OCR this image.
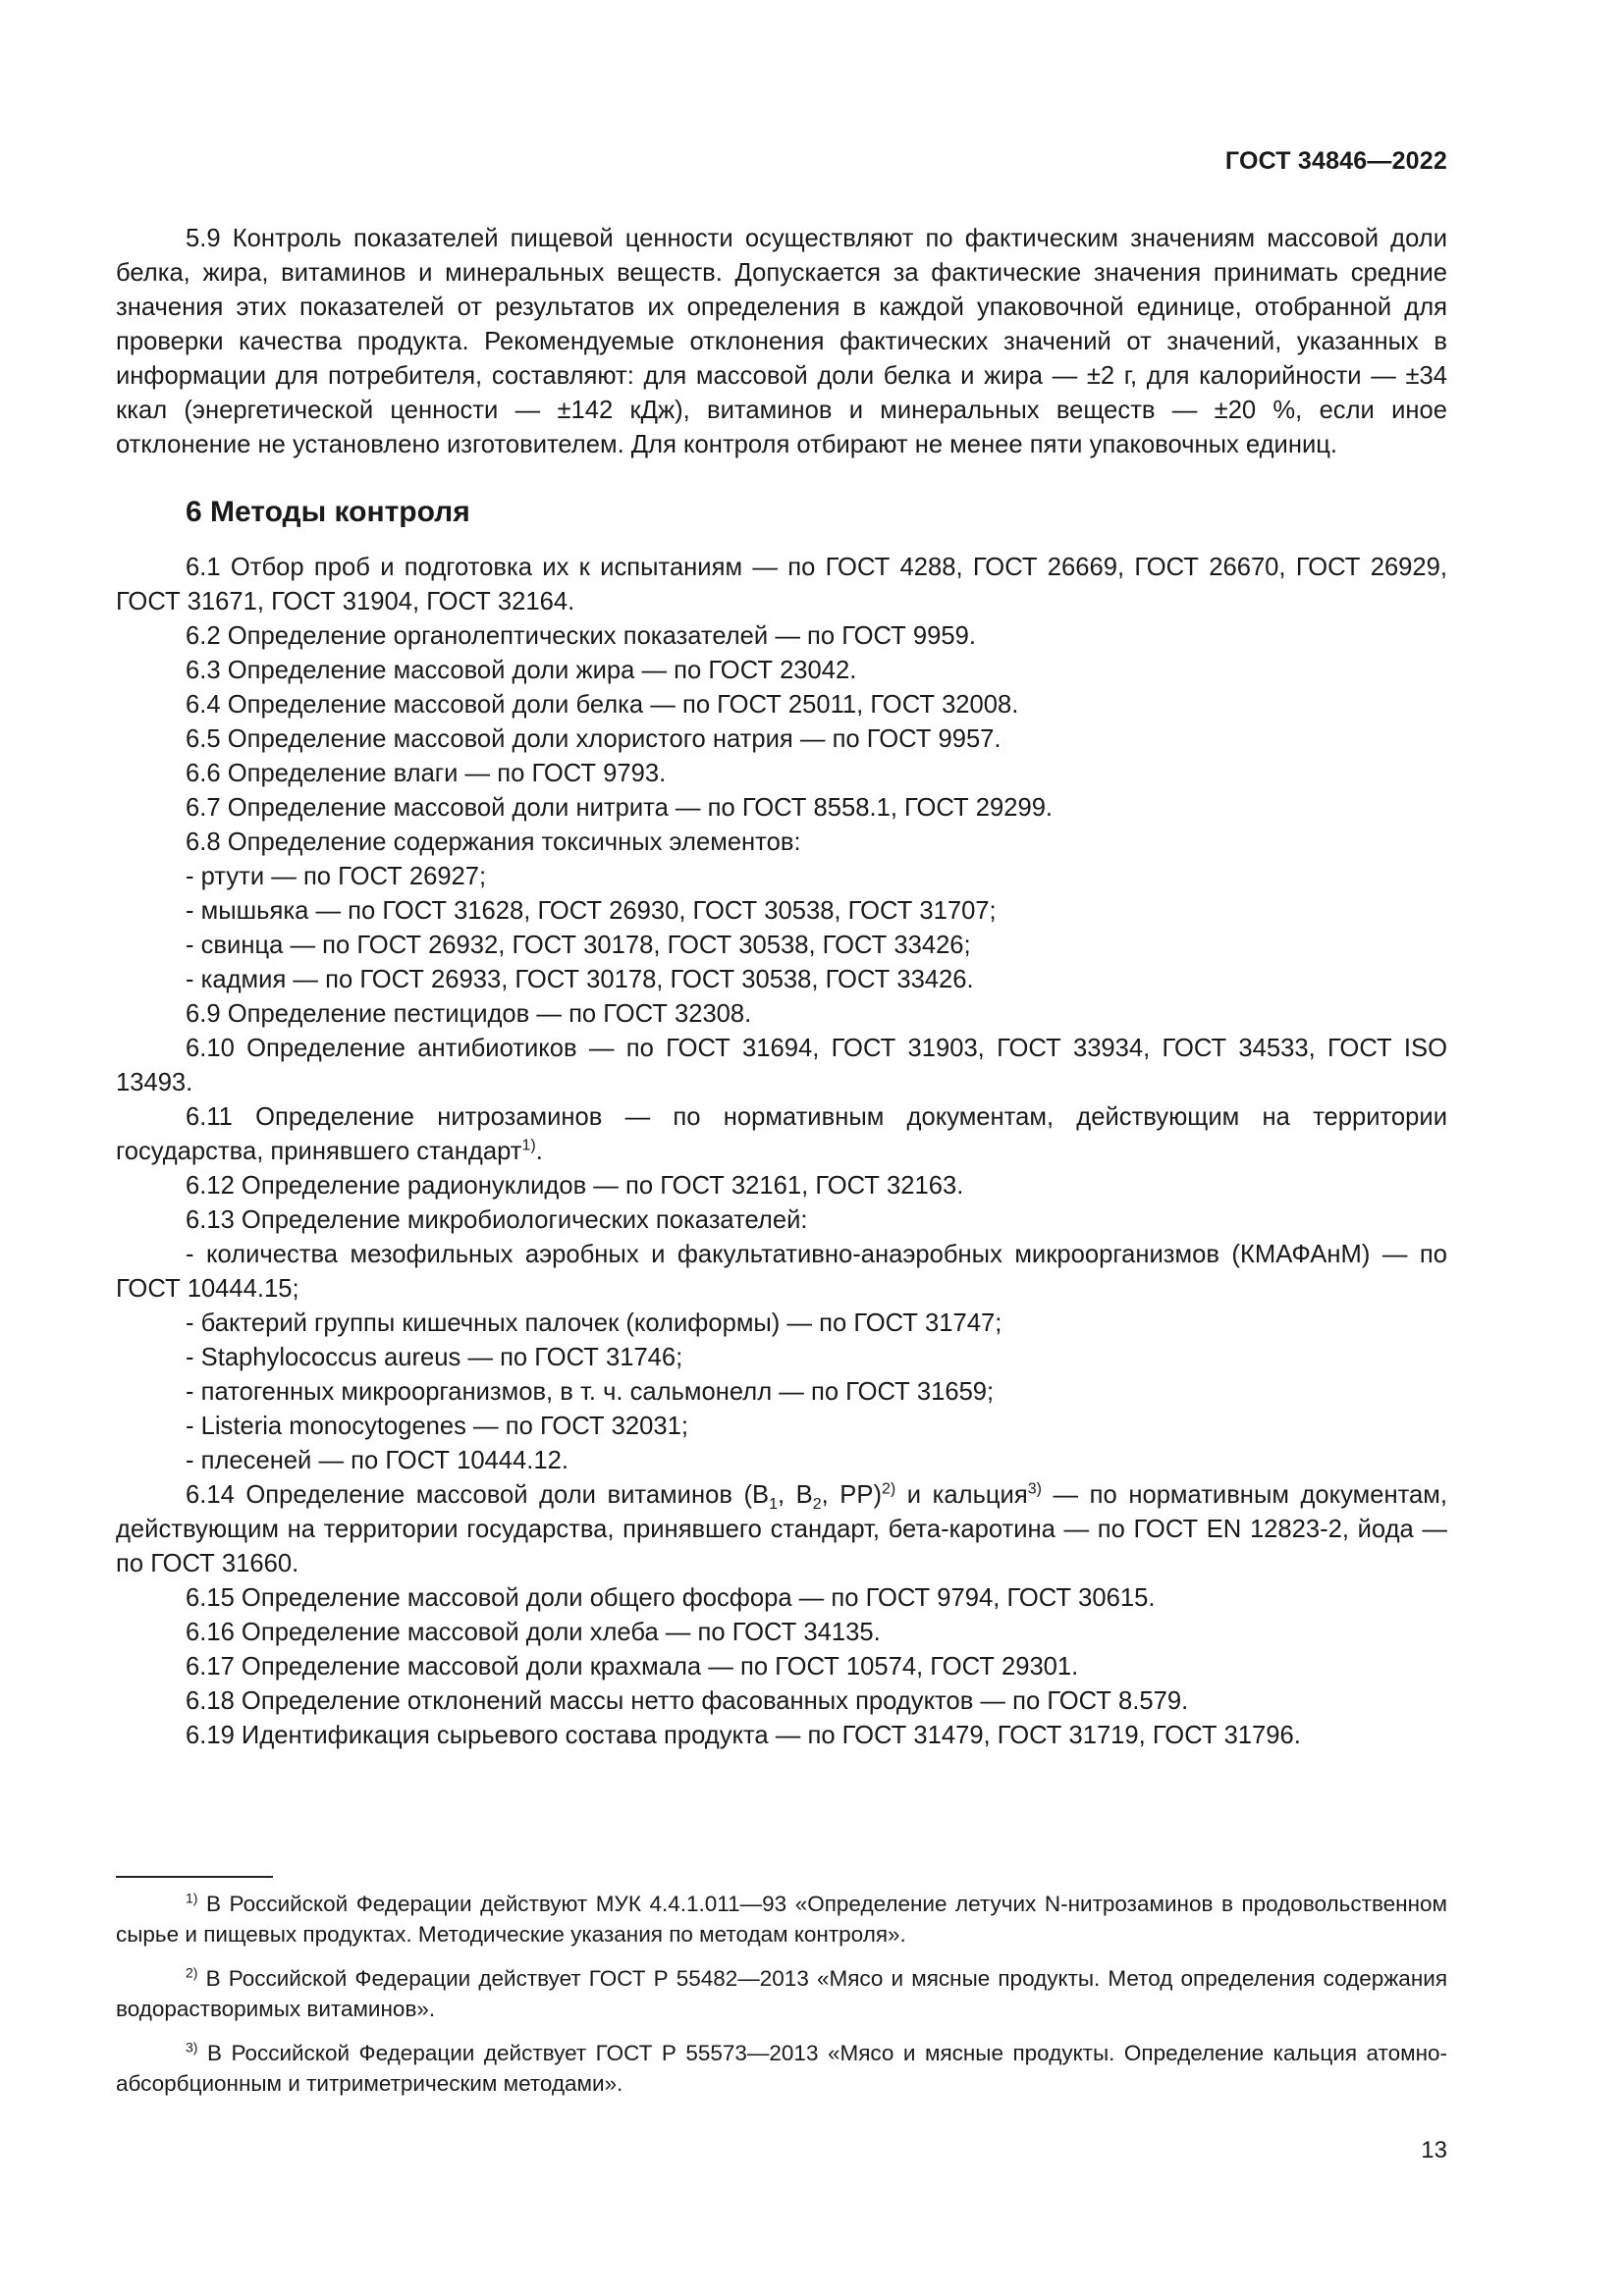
ГОСТ 34846—2022

5.9 Контроль показателей пищевой ценности осуществляют по фактическим значениям массовой доли белка, жира, витаминов и минеральных веществ. Допускается за фактические значения принимать средние значения этих показателей от результатов их определения в каждой упаковочной единице, отобранной для проверки качества продукта. Рекомендуемые отклонения фактических значений от значений, указанных в информации для потребителя, составляют: для массовой доли белка и жира — ±2 г, для калорийности — ±34 ккал (энергетической ценности — ±142 кДж), витаминов и минеральных веществ — ±20 %, если иное отклонение не установлено изготовителем. Для контроля отбирают не менее пяти упаковочных единиц.

6 Методы контроля

6.1 Отбор проб и подготовка их к испытаниям — по ГОСТ 4288, ГОСТ 26669, ГОСТ 26670, ГОСТ 26929, ГОСТ 31671, ГОСТ 31904, ГОСТ 32164.

6.2 Определение органолептических показателей — по ГОСТ 9959.

6.3 Определение массовой доли жира — по ГОСТ 23042.

6.4 Определение массовой доли белка — по ГОСТ 25011, ГОСТ 32008.

6.5 Определение массовой доли хлористого натрия — по ГОСТ 9957.

6.6 Определение влаги — по ГОСТ 9793.

6.7 Определение массовой доли нитрита — по ГОСТ 8558.1, ГОСТ 29299.

6.8 Определение содержания токсичных элементов:

- ртути — по ГОСТ 26927;

- мышьяка — по ГОСТ 31628, ГОСТ 26930, ГОСТ 30538, ГОСТ 31707;

- свинца — по ГОСТ 26932, ГОСТ 30178, ГОСТ 30538, ГОСТ 33426;

- кадмия — по ГОСТ 26933, ГОСТ 30178, ГОСТ 30538, ГОСТ 33426.

6.9 Определение пестицидов — по ГОСТ 32308.

6.10 Определение антибиотиков — по ГОСТ 31694, ГОСТ 31903, ГОСТ 33934, ГОСТ 34533, ГОСТ ISO 13493.

6.11 Определение нитрозаминов — по нормативным документам, действующим на территории государства, принявшего стандарт$^{1)}$.

6.12 Определение радионуклидов — по ГОСТ 32161, ГОСТ 32163.

6.13 Определение микробиологических показателей:

- количества мезофильных аэробных и факультативно-анаэробных микроорганизмов (КМАФАнМ) — по ГОСТ 10444.15;

- бактерий группы кишечных палочек (колиформы) — по ГОСТ 31747;

- Staphylococcus aureus — по ГОСТ 31746;

- патогенных микроорганизмов, в т. ч. сальмонелл — по ГОСТ 31659;

- Listeria monocytogenes — по ГОСТ 32031;

- плесеней — по ГОСТ 10444.12.

6.14 Определение массовой доли витаминов ($B_1$, $B_2$, PP)$^{2)}$ и кальция$^{3)}$ — по нормативным документам, действующим на территории государства, принявшего стандарт, бета-каротина — по ГОСТ EN 12823-2, йода — по ГОСТ 31660.

6.15 Определение массовой доли общего фосфора — по ГОСТ 9794, ГОСТ 30615.

6.16 Определение массовой доли хлеба — по ГОСТ 34135.

6.17 Определение массовой доли крахмала — по ГОСТ 10574, ГОСТ 29301.

6.18 Определение отклонений массы нетто фасованных продуктов — по ГОСТ 8.579.

6.19 Идентификация сырьевого состава продукта — по ГОСТ 31479, ГОСТ 31719, ГОСТ 31796.

$^{1)}$ В Российской Федерации действуют МУК 4.4.1.011—93 «Определение летучих N-нитрозаминов в продовольственном сырье и пищевых продуктах. Методические указания по методам контроля».

$^{2)}$ В Российской Федерации действует ГОСТ Р 55482—2013 «Мясо и мясные продукты. Метод определения содержания водорастворимых витаминов».

$^{3)}$ В Российской Федерации действует ГОСТ Р 55573—2013 «Мясо и мясные продукты. Определение кальция атомно-абсорбционным и титриметрическим методами».

13
